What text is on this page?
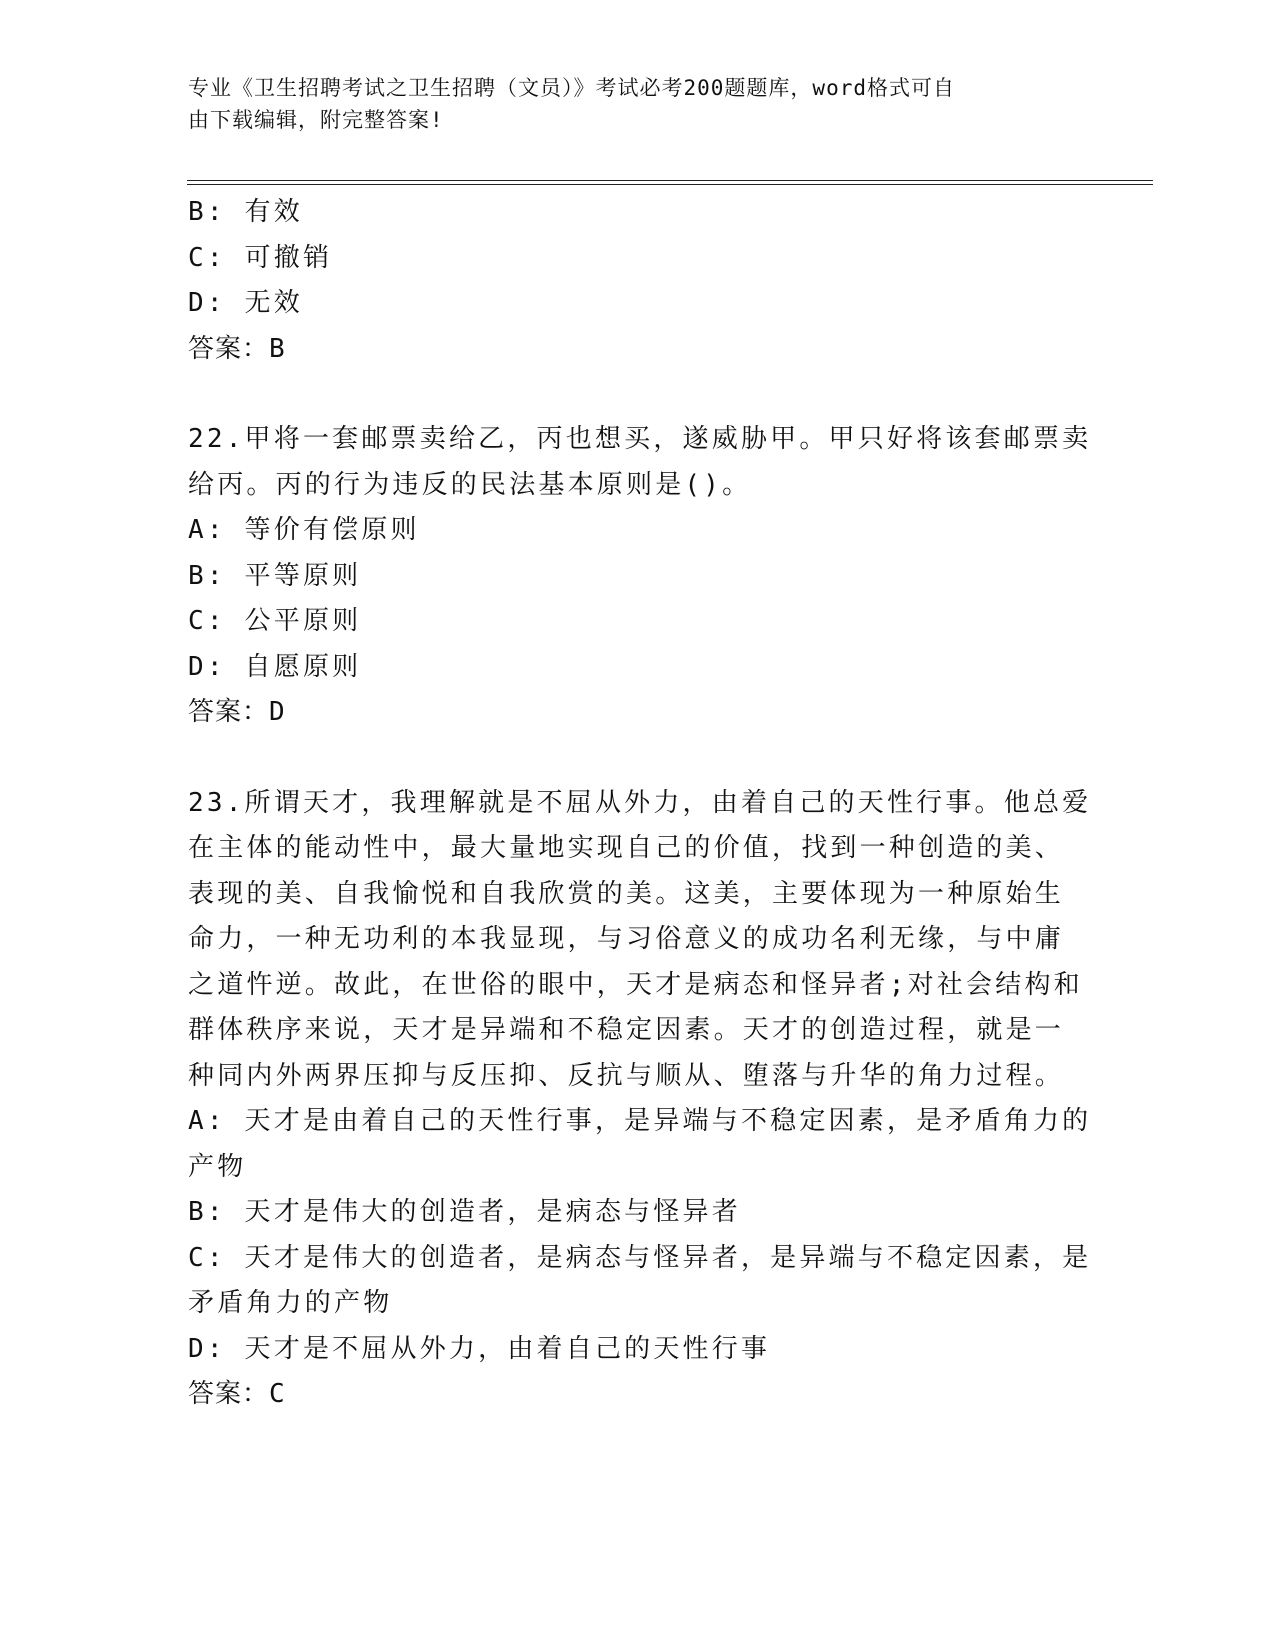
专业《卫生招聘考试之卫生招聘（文员）》考试必考200题题库，word格式可自
由下载编辑，附完整答案!
B: 有效
C: 可撤销
D: 无效
答案：B
22.甲将一套邮票卖给乙，丙也想买，遂威胁甲。甲只好将该套邮票卖
给丙。丙的行为违反的民法基本原则是()。
A: 等价有偿原则
B: 平等原则
C: 公平原则
D: 自愿原则
答案：D
23.所谓天才，我理解就是不屈从外力，由着自己的天性行事。他总爱
在主体的能动性中，最大量地实现自己的价值，找到一种创造的美、
表现的美、自我愉悦和自我欣赏的美。这美，主要体现为一种原始生
命力，一种无功利的本我显现，与习俗意义的成功名利无缘，与中庸
之道忤逆。故此，在世俗的眼中，天才是病态和怪异者;对社会结构和
群体秩序来说，天才是异端和不稳定因素。天才的创造过程，就是一
种同内外两界压抑与反压抑、反抗与顺从、堕落与升华的角力过程。
A: 天才是由着自己的天性行事，是异端与不稳定因素，是矛盾角力的
产物
B: 天才是伟大的创造者，是病态与怪异者
C: 天才是伟大的创造者，是病态与怪异者，是异端与不稳定因素，是
矛盾角力的产物
D: 天才是不屈从外力，由着自己的天性行事
答案：C
